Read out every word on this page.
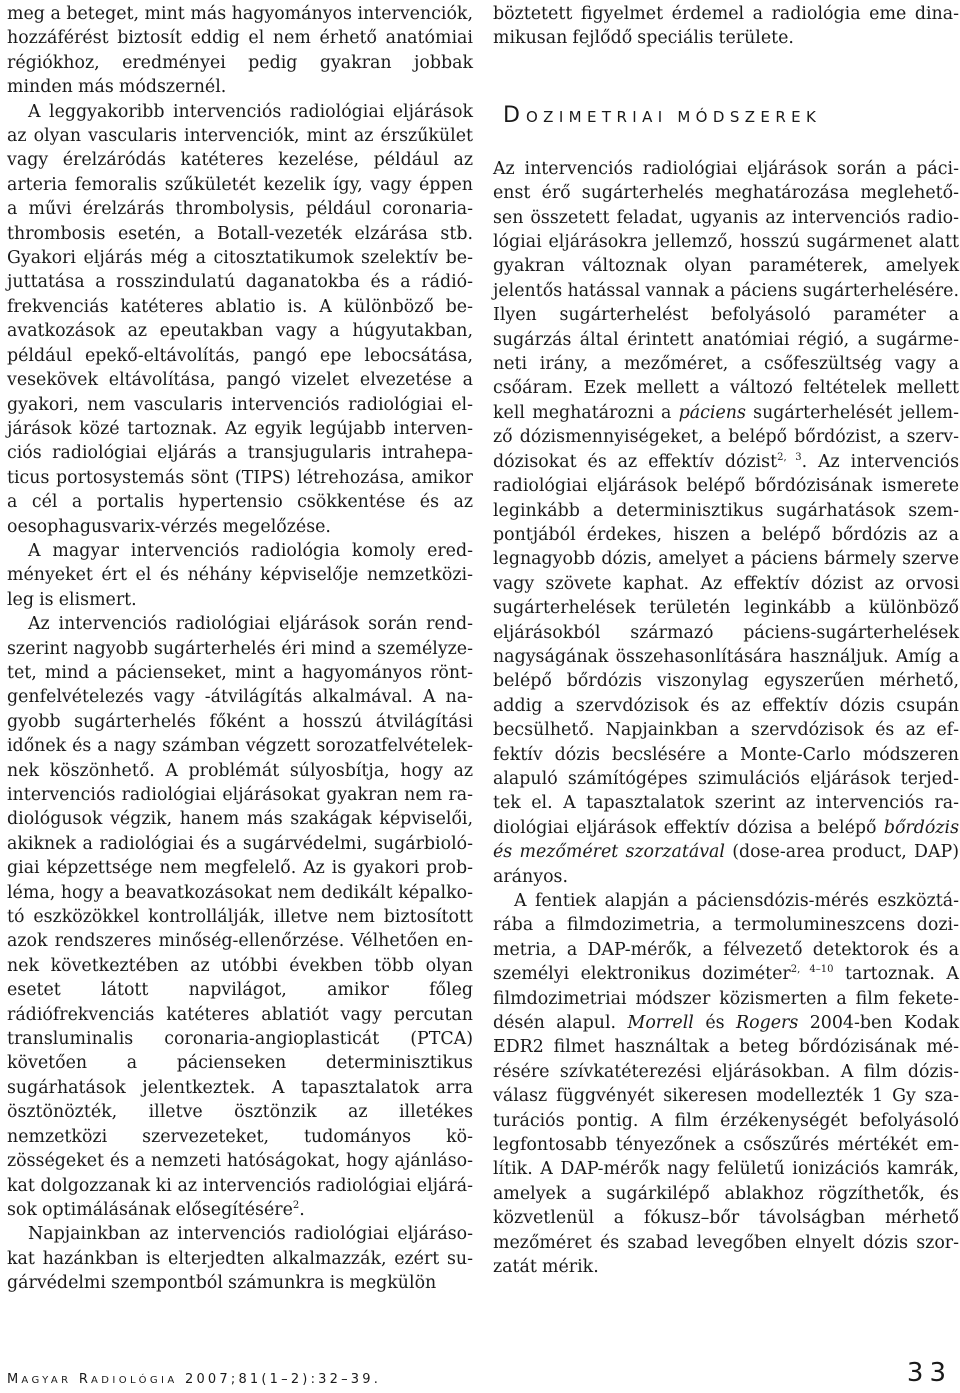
meg a beteget, mint más hagyományos intervenciók, hozzáférést biztosít eddig el nem érhető anatómiai régiókhoz, eredményei pedig gyakran jobbak minden más módszernél.

A leggyakoribb intervenciós radiológiai eljárások az olyan vascularis intervenciók, mint az érszűkület vagy érelzáródás katéteres kezelése, például az arteria femoralis szűkületét kezelik így, vagy éppen a művi érelzárás thrombolysis, például coronariathrombosis esetén, a Botall-vezeték elzárása stb. Gyakori eljárás még a citosztatikumok szelektív bejuttatása a rosszindulatú daganatokba és a rádiófrekvenciás katéteres ablatio is. A különböző beavatkozások az epeutakban vagy a húgyutakban, például epekő-eltávolítás, pangó epe lebocsátása, vesekövek eltávolítása, pangó vizelet elvezetése a gyakori, nem vascularis intervenciós radiológiai eljárások közé tartoznak. Az egyik legújabb intervenciós radiológiai eljárás a transjugularis intrahepaticus portosystemás sönt (TIPS) létrehozása, amikor a cél a portalis hypertensio csökkentése és az oesophagusvarix-vérzés megelőzése.

A magyar intervenciós radiológia komoly eredményeket ért el és néhány képviselője nemzetközileg is elismert.

Az intervenciós radiológiai eljárások során rendszerint nagyobb sugárterhelés éri mind a személyzetet, mind a pácienseket, mint a hagyományos röntgenfelvételezés vagy -átvilágítás alkalmával. A nagyobb sugárterhelés főként a hosszú átvilágítási időnek és a nagy számban végzett sorozatfelvételeknek köszönhető. A problémát súlyosbítja, hogy az intervenciós radiológiai eljárásokat gyakran nem radiológusok végzik, hanem más szakágak képviselői, akiknek a radiológiai és a sugárvédelmi, sugárbiológiai képzettsége nem megfelelő. Az is gyakori probléma, hogy a beavatkozásokat nem dedikált képalkotó eszközökkel kontrollálják, illetve nem biztosított azok rendszeres minőség-ellenőrzése. Vélhetően ennek következtében az utóbbi években több olyan esetet látott napvilágot, amikor főleg rádiófrekvenciás katéteres ablatiót vagy percutan transluminalis coronaria-angioplasticát (PTCA) követően a pácienseken determinisztikus sugárhatások jelentkeztek. A tapasztalatok arra ösztönözték, illetve ösztönzik az illetékes nemzetközi szervezeteket, tudományos közösségeket és a nemzeti hatóságokat, hogy ajánlásokat dolgozzanak ki az intervenciós radiológiai eljárások optimálásának elősegítésére$^2$.

Napjainkban az intervenciós radiológiai eljárásokat hazánkban is elterjedten alkalmazzák, ezért sugárvédelmi szempontból számunkra is megkülön

böztetett figyelmet érdemel a radiológia eme dinamikusan fejlődő speciális területe.

DOZIMETRIAI MÓDSZEREK

Az intervenciós radiológiai eljárások során a pácienst érő sugárterhelés meghatározása meglehetősen összetett feladat, ugyanis az intervenciós radiológiai eljárásokra jellemző, hosszú sugármenet alatt gyakran változnak olyan paraméterek, amelyek jelentős hatással vannak a páciens sugárterhelésére. Ilyen sugárterhelést befolyásoló paraméter a sugárzás által érintett anatómiai régió, a sugármeneti irány, a mezőméret, a csőfeszültség vagy a csőáram. Ezek mellett a változó feltételek mellett kell meghatározni a páciens sugárterhelését jellemző dózismennyiségeket, a belépő bőrdózist, a szervdózisokat és az effektív dózist$^{2, 3}$. Az intervenciós radiológiai eljárások belépő bőrdózisának ismerete leginkább a determinisztikus sugárhatások szempontjából érdekes, hiszen a belépő bőrdózis az a legnagyobb dózis, amelyet a páciens bármely szerve vagy szövete kaphat. Az effektív dózist az orvosi sugárterhelések területén leginkább a különböző eljárásokból származó páciens-sugárterhelések nagyságának összehasonlítására használjuk. Amíg a belépő bőrdózis viszonylag egyszerűen mérhető, addig a szervdózisok és az effektív dózis csupán becsülhető. Napjainkban a szervdózisok és az effektív dózis becslésére a Monte-Carlo módszeren alapuló számítógépes szimulációs eljárások terjedtek el. A tapasztalatok szerint az intervenciós radiológiai eljárások effektív dózisa a belépő bőrdózis és mezőméret szorzatával (dose-area product, DAP) arányos.

A fentiek alapján a páciensdózis-mérés eszköztárába a filmdozimetria, a termolumineszcens dozimetria, a DAP-mérők, a félvezető detektorok és a személyi elektronikus doziméter$^{2, 4-10}$ tartoznak. A filmdozimetriai módszer közismerten a film feketedésén alapul. Morrell és Rogers 2004-ben Kodak EDR2 filmet használtak a beteg bőrdózisának mérésére szívkatéterezési eljárásokban. A film dózisválasz függvényét sikeresen modellezték 1 Gy szaturációs pontig. A film érzékenységét befolyásoló legfontosabb tényezőnek a csőszűrés mértékét említik. A DAP-mérők nagy felületű ionizációs kamrák, amelyek a sugárkilépő ablakhoz rögzíthetők, és közvetlenül a fókusz–bőr távolságban mérhető mezőméret és szabad levegőben elnyelt dózis szorzatát mérik.

MAGYAR RADIOLÓGIA 2007;81(1–2):32–39.	33
